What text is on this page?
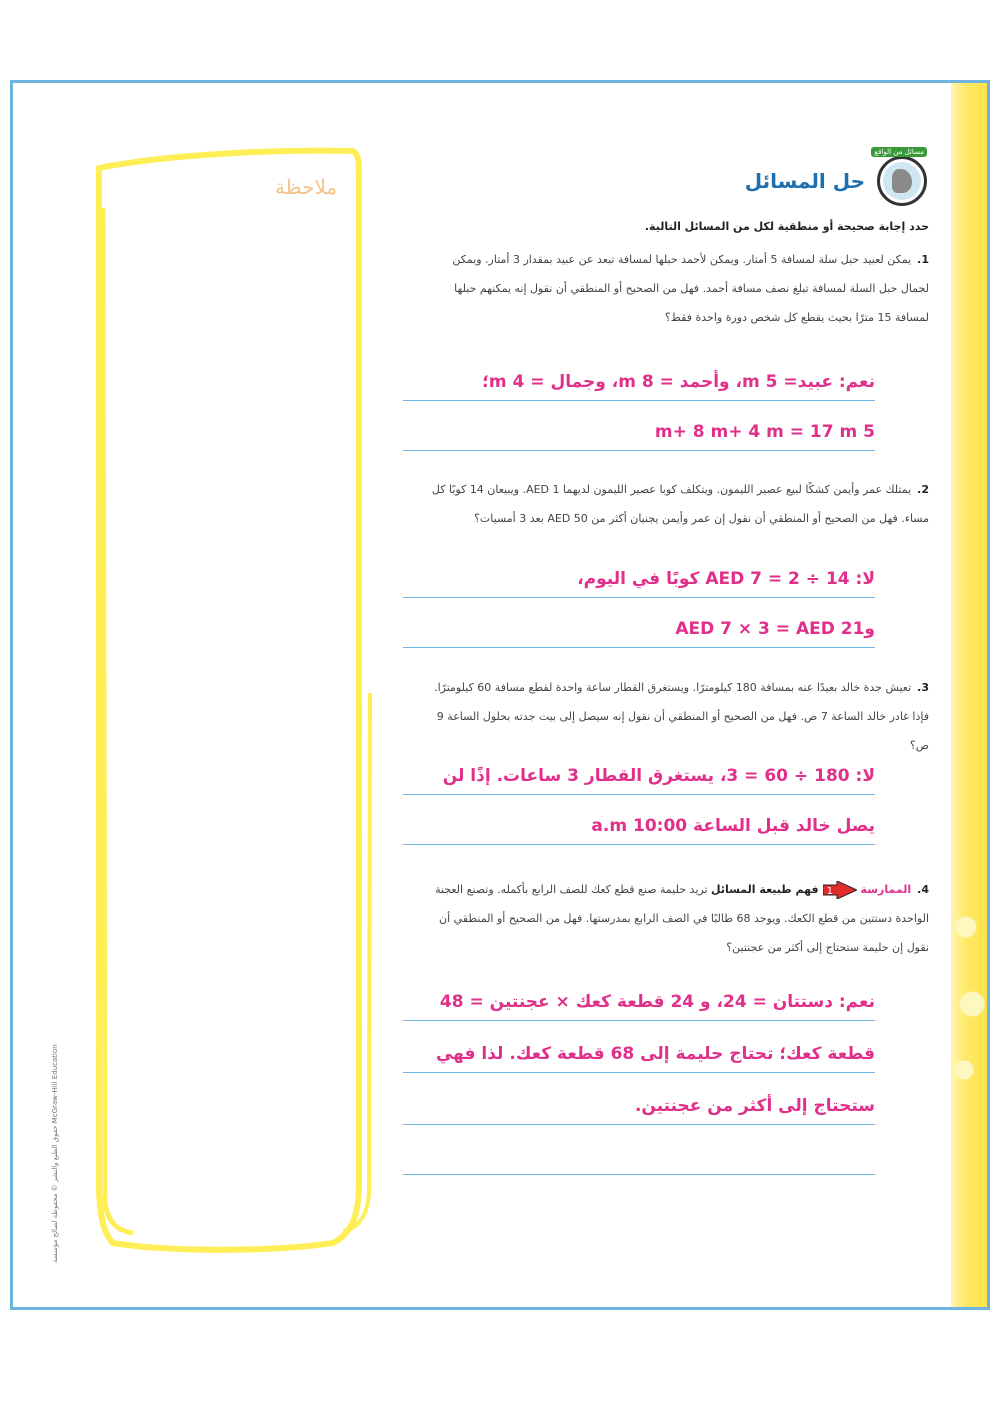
حقوق الطبع والنشر © محفوظة لصالح مؤسسة McGraw-Hill Education
ملاحظة	حل المسائل
مسائل من الواقع
حدد إجابة صحيحة أو منطقية لكل من المسائل التالية.
1.يمكن لعبيد حبل سلة لمسافة 5 أمتار. ويمكن لأحمد حبلها لمسافة تبعد عن عبيد بمقدار 3 أمتار. ويمكن لجمال حبل السلة لمسافة تبلغ نصف مسافة أحمد. فهل من الصحيح أو المنطقي أن نقول إنه يمكنهم حبلها لمسافة 15 مترًا بحيث يقطع كل شخص دورة واحدة فقط؟
نعم: عبيد= 5 m، وأحمد = 8 m، وجمال = 4 m؛
5 m+ 8 m+ 4 m = 17 m
2.يمتلك عمر وأيمن كشكًا لبيع عصير الليمون. ويتكلف كوبا عصير الليمون لديهما AED 1. ويبيعان 14 كوبًا كل مساء. فهل من الصحيح أو المنطقي أن نقول إن عمر وأيمن يجنيان أكثر من AED 50 بعد 3 أمسيات؟
لا: AED 7 = 2 ÷ 14 كوبًا في اليوم،
وAED 7 × 3 = AED 21
3.تعيش جدة خالد بعيدًا عنه بمسافة 180 كيلومترًا. ويستغرق القطار ساعة واحدة لقطع مسافة 60 كيلومترًا. فإذا غادر خالد الساعة 7 ص. فهل من الصحيح أو المنطقي أن نقول إنه سيصل إلى بيت جدته بحلول الساعة 9 ص؟
لا: 180 ÷ 60 = 3، يستغرق القطار 3 ساعات. إذًا لن
يصل خالد قبل الساعة 10:00 a.m
4.الممارسة
1
فهم طبيعة المسائل تريد حليمة صنع قطع كعك للصف الرابع بأكمله. وتصنع العجنة الواحدة دستتين من قطع الكعك. ويوجد 68 طالبًا في الصف الرابع بمدرستها. فهل من الصحيح أو المنطقي أن نقول إن حليمة ستحتاج إلى أكثر من عجنتين؟
نعم: دستتان = 24، و 24 قطعة كعك × عجنتين = 48
قطعة كعك؛ تحتاج حليمة إلى 68 قطعة كعك. لذا فهي
ستحتاج إلى أكثر من عجنتين.
